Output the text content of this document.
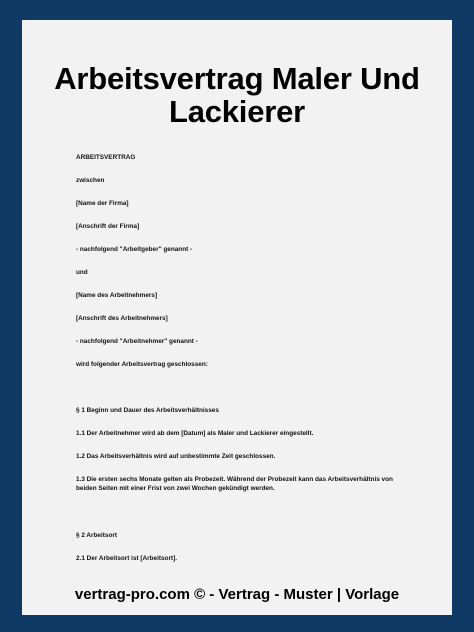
Arbeitsvertrag Maler Und Lackierer
ARBEITSVERTRAG
zwischen
[Name der Firma]
[Anschrift der Firma]
- nachfolgend "Arbeitgeber" genannt -
und
[Name des Arbeitnehmers]
[Anschrift des Arbeitnehmers]
- nachfolgend "Arbeitnehmer" genannt -
wird folgender Arbeitsvertrag geschlossen:
§ 1 Beginn und Dauer des Arbeitsverhältnisses
1.1 Der Arbeitnehmer wird ab dem [Datum] als Maler und Lackierer eingestellt.
1.2 Das Arbeitsverhältnis wird auf unbestimmte Zeit geschlossen.
1.3 Die ersten sechs Monate gelten als Probezeit. Während der Probezeit kann das Arbeitsverhältnis von beiden Seiten mit einer Frist von zwei Wochen gekündigt werden.
§ 2 Arbeitsort
2.1 Der Arbeitsort ist [Arbeitsort].
vertrag-pro.com © - Vertrag - Muster | Vorlage
